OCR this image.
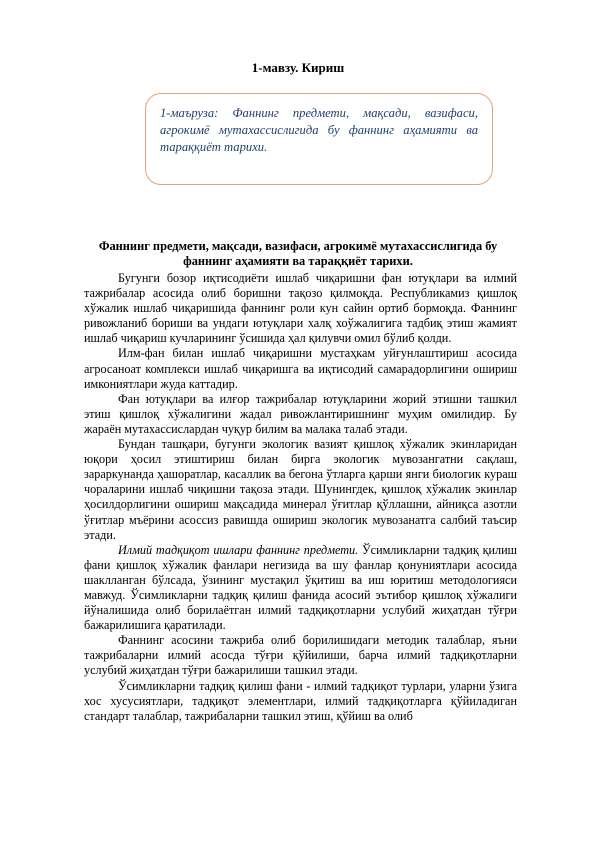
1-мавзу. Кириш

1-маъруза: Фаннинг предмети, мақсади, вазифаси, агрокимё мутахассислигида бу фаннинг аҳамияти ва тараққиёт тарихи.

Фаннинг предмети, мақсади, вазифаси, агрокимё мутахассислигида бу фаннинг аҳамияти ва тараққиёт тарихи.

Бугунги бозор иқтисодиёти ишлаб чиқаришни фан ютуқлари ва илмий тажрибалар асосида олиб боришни тақозо қилмоқда. Республикамиз қишлоқ хўжалик ишлаб чиқаришида фаннинг роли кун сайин ортиб бормоқда. Фаннинг ривожланиб бориши ва ундаги ютуқлари халқ хоўжалигига тадбиқ этиш жамият ишлаб чиқариш кучларининг ўсишида ҳал қилувчи омил бўлиб қолди.

Илм-фан билан ишлаб чиқаришни мустаҳкам уйғунлаштириш асосида агросаноат комплекси ишлаб чиқаришга ва иқтисодий самарадорлигини ошириш имкониятлари жуда каттадир.

Фан ютуқлари ва илғор тажрибалар ютуқларини жорий этишни ташкил этиш қишлоқ хўжалигини жадал ривожлантиришнинг муҳим омилидир. Бу жараён мутахассислардан чуқур билим ва малака талаб этади.

Бундан ташқари, бугунги экологик вазият қишлоқ хўжалик экинларидан юқори ҳосил этиштириш билан бирга экологик мувозангатни сақлаш, зараркунанда ҳашоратлар, касаллик ва бегона ўтларга қарши янги биологик кураш чораларини ишлаб чиқишни тақоза этади. Шунингдек, қишлоқ хўжалик экинлар ҳосилдорлигини ошириш мақсадида минерал ўғитлар қўллашни, айниқса азотли ўғитлар мъёрини асоссиз равишда ошириш экологик мувозанатга салбий таъсир этади.

Илмий тадқиқот ишлари фаннинг предмети. Ўсимликларни тадқиқ қилиш фани қишлоқ хўжалик фанлари негизида ва шу фанлар қонуниятлари асосида шаклланган бўлсада, ўзининг мустақил ўқитиш ва иш юритиш методологияси мавжуд. Ўсимликларни тадқиқ қилиш фанида асосий эътибор қишлоқ хўжалиги йўналишида олиб борилаётган илмий тадқиқотларни услубий жиҳатдан тўғри бажарилишига қаратилади.

Фаннинг асосини тажриба олиб борилишидаги методик талаблар, яъни тажрибаларни илмий асосда тўғри қўйилиши, барча илмий тадқиқотларни услубий жиҳатдан тўғри бажарилиши ташкил этади.

Ўсимликларни тадқиқ қилиш фани - илмий тадқиқот турлари, уларни ўзига хос хусусиятлари, тадқиқот элементлари, илмий тадқиқотларга қўйиладиган стандарт талаблар, тажрибаларни ташкил этиш, қўйиш ва олиб
